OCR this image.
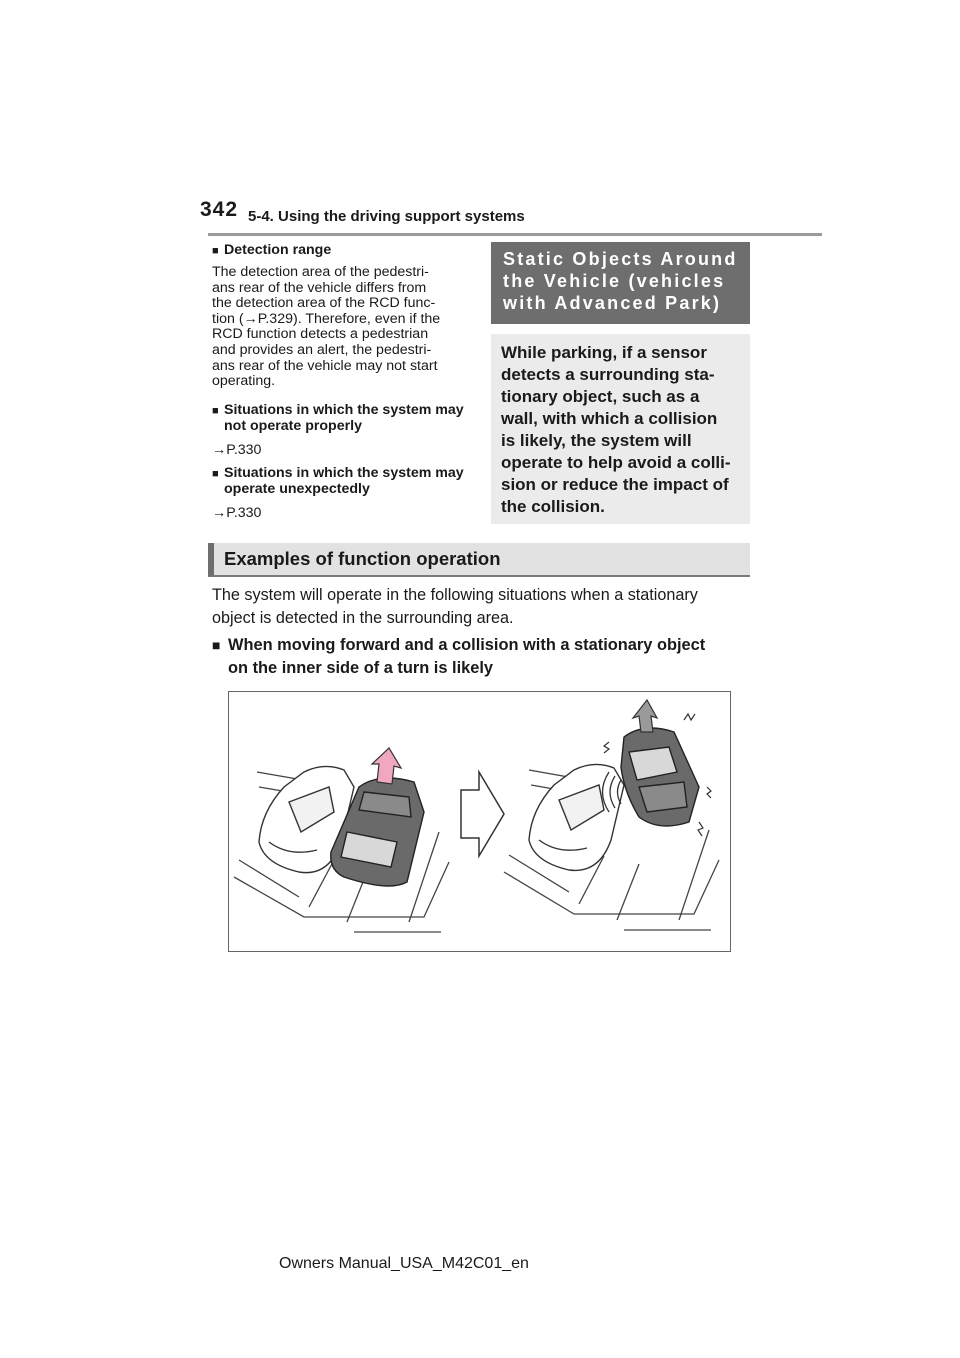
342 5-4. Using the driving support systems
■ Detection range
The detection area of the pedestri-
ans rear of the vehicle differs from
the detection area of the RCD func-
tion (→P.329). Therefore, even if the
RCD function detects a pedestrian
and provides an alert, the pedestri-
ans rear of the vehicle may not start
operating.
■ Situations in which the system may not operate properly
→P.330
■ Situations in which the system may operate unexpectedly
→P.330
Static Objects Around
the Vehicle (vehicles
with Advanced Park)
While parking, if a sensor
detects a surrounding sta-
tionary object, such as a
wall, with which a collision
is likely, the system will
operate to help avoid a colli-
sion or reduce the impact of
the collision.
Examples of function operation
The system will operate in the following situations when a stationary
object is detected in the surrounding area.
■ When moving forward and a collision with a stationary object
on the inner side of a turn is likely
Owners Manual_USA_M42C01_en
